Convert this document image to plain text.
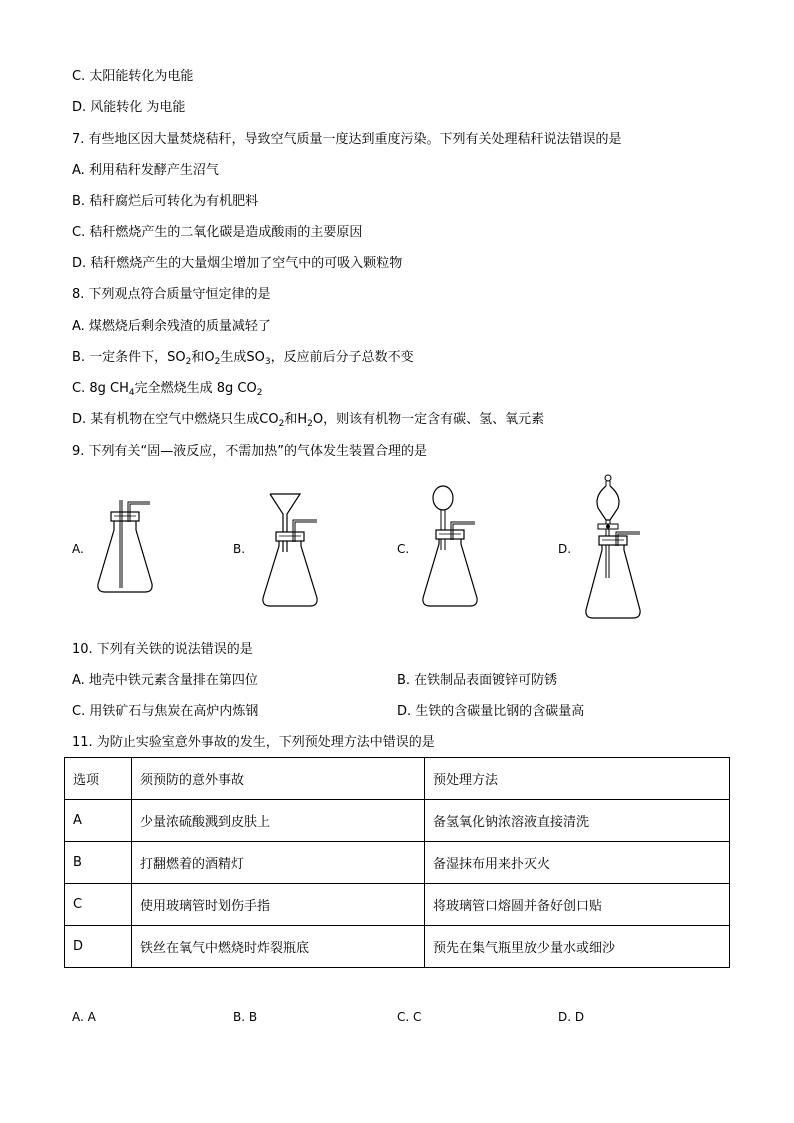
C. 太阳能转化为电能
D. 风能转化 为电能
7. 有些地区因大量焚烧秸秆，导致空气质量一度达到重度污染。下列有关处理秸秆说法错误的是
A. 利用秸秆发酵产生沼气
B. 秸秆腐烂后可转化为有机肥料
C. 秸秆燃烧产生的二氧化碳是造成酸雨的主要原因
D. 秸秆燃烧产生的大量烟尘增加了空气中的可吸入颗粒物
8. 下列观点符合质量守恒定律的是
A. 煤燃烧后剩余残渣的质量减轻了
B. 一定条件下，$SO_2$和$O_2$生成$SO_3$，反应前后分子总数不变
C. 8g $CH_4$完全燃烧生成 8g $CO_2$
D. 某有机物在空气中燃烧只生成$CO_2$和$H_2O$，则该有机物一定含有碳、氢、氧元素
9. 下列有关“固—液反应，不需加热”的气体发生装置合理的是
A.	B.	C.	D.
10. 下列有关铁的说法错误的是
A. 地壳中铁元素含量排在第四位	B. 在铁制品表面镀锌可防锈
C. 用铁矿石与焦炭在高炉内炼钢	D. 生铁的含碳量比钢的含碳量高
11. 为防止实验室意外事故的发生，下列预处理方法中错误的是
选项	须预防的意外事故	预处理方法
A	少量浓硫酸溅到皮肤上	备氢氧化钠浓溶液直接清洗
B	打翻燃着的酒精灯	备湿抹布用来扑灭火
C	使用玻璃管时划伤手指	将玻璃管口熔圆并备好创口贴
D	铁丝在氧气中燃烧时炸裂瓶底	预先在集气瓶里放少量水或细沙
A. A	B. B	C. C	D. D
